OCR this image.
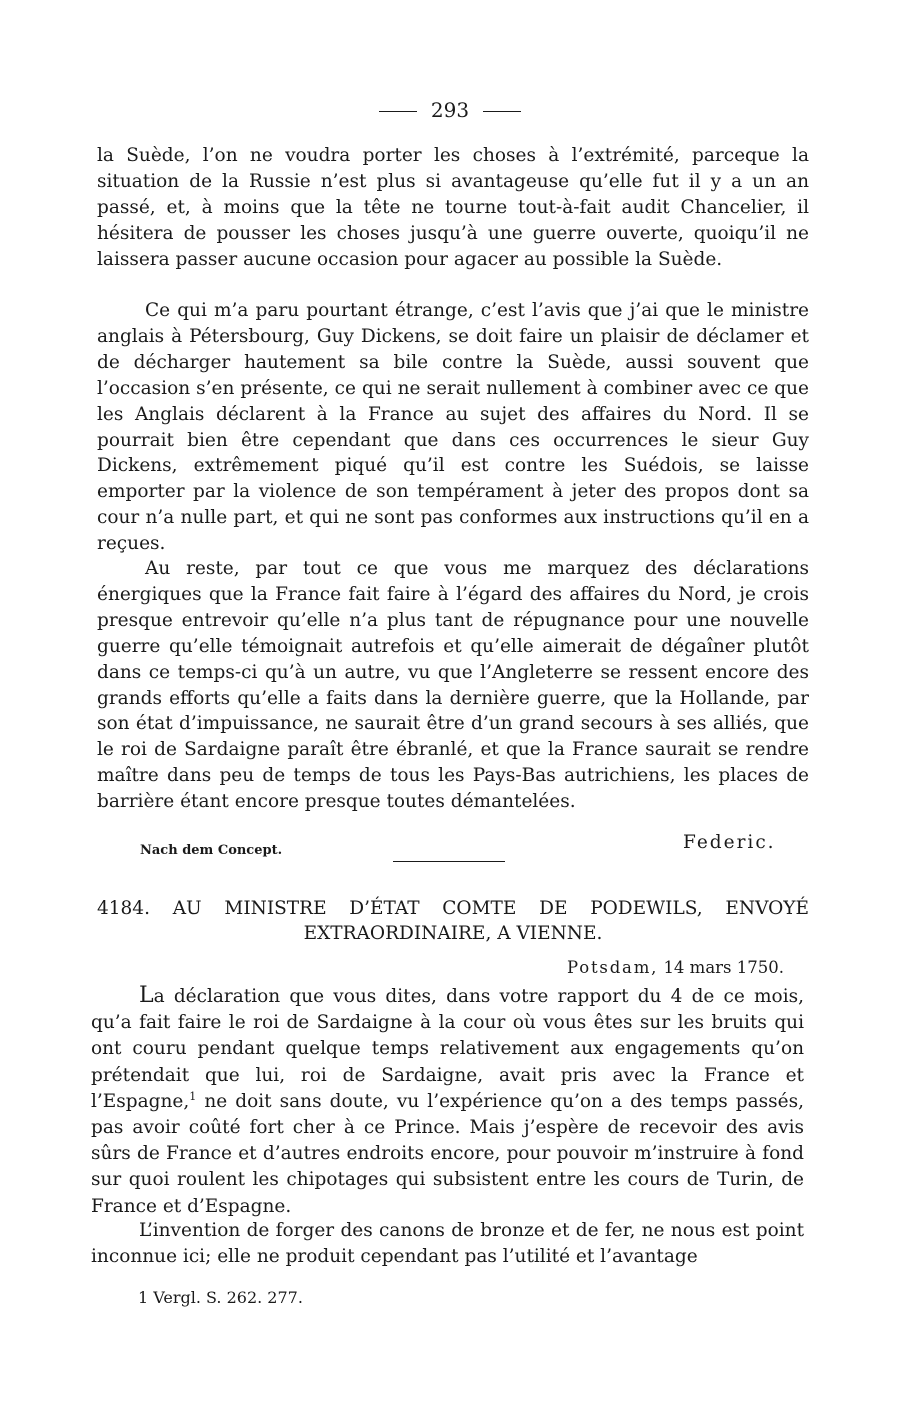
293

la Suède, l’on ne voudra porter les choses à l’extrémité, parceque la situation de la Russie n’est plus si avantageuse qu’elle fut il y a un an passé, et, à moins que la tête ne tourne tout-à-fait audit Chancelier, il hésitera de pousser les choses jusqu’à une guerre ouverte, quoiqu’il ne laissera passer aucune occasion pour agacer au possible la Suède.

Ce qui m’a paru pourtant étrange, c’est l’avis que j’ai que le ministre anglais à Pétersbourg, Guy Dickens, se doit faire un plaisir de déclamer et de décharger hautement sa bile contre la Suède, aussi souvent que l’occasion s’en présente, ce qui ne serait nullement à combiner avec ce que les Anglais déclarent à la France au sujet des affaires du Nord. Il se pourrait bien être cependant que dans ces occurrences le sieur Guy Dickens, extrêmement piqué qu’il est contre les Suédois, se laisse emporter par la violence de son tempérament à jeter des propos dont sa cour n’a nulle part, et qui ne sont pas conformes aux instructions qu’il en a reçues.

Au reste, par tout ce que vous me marquez des déclarations énergiques que la France fait faire à l’égard des affaires du Nord, je crois presque entrevoir qu’elle n’a plus tant de répugnance pour une nouvelle guerre qu’elle témoignait autrefois et qu’elle aimerait de dégaîner plutôt dans ce temps-ci qu’à un autre, vu que l’Angleterre se ressent encore des grands efforts qu’elle a faits dans la dernière guerre, que la Hollande, par son état d’impuissance, ne saurait être d’un grand secours à ses alliés, que le roi de Sardaigne paraît être ébranlé, et que la France saurait se rendre maître dans peu de temps de tous les Pays-Bas autrichiens, les places de barrière étant encore presque toutes démantelées.

Federic.
Nach dem Concept.
4184. AU MINISTRE D’ÉTAT COMTE DE PODEWILS, ENVOYÉ
EXTRAORDINAIRE, A VIENNE.

Potsdam, 14 mars 1750.

La déclaration que vous dites, dans votre rapport du 4 de ce mois, qu’a fait faire le roi de Sardaigne à la cour où vous êtes sur les bruits qui ont couru pendant quelque temps relativement aux engagements qu’on prétendait que lui, roi de Sardaigne, avait pris avec la France et l’Espagne,$^1$ ne doit sans doute, vu l’expérience qu’on a des temps passés, pas avoir coûté fort cher à ce Prince. Mais j’espère de recevoir des avis sûrs de France et d’autres endroits encore, pour pouvoir m’instruire à fond sur quoi roulent les chipotages qui subsistent entre les cours de Turin, de France et d’Espagne.

L’invention de forger des canons de bronze et de fer, ne nous est point inconnue ici; elle ne produit cependant pas l’utilité et l’avantage

1 Vergl. S. 262. 277.
